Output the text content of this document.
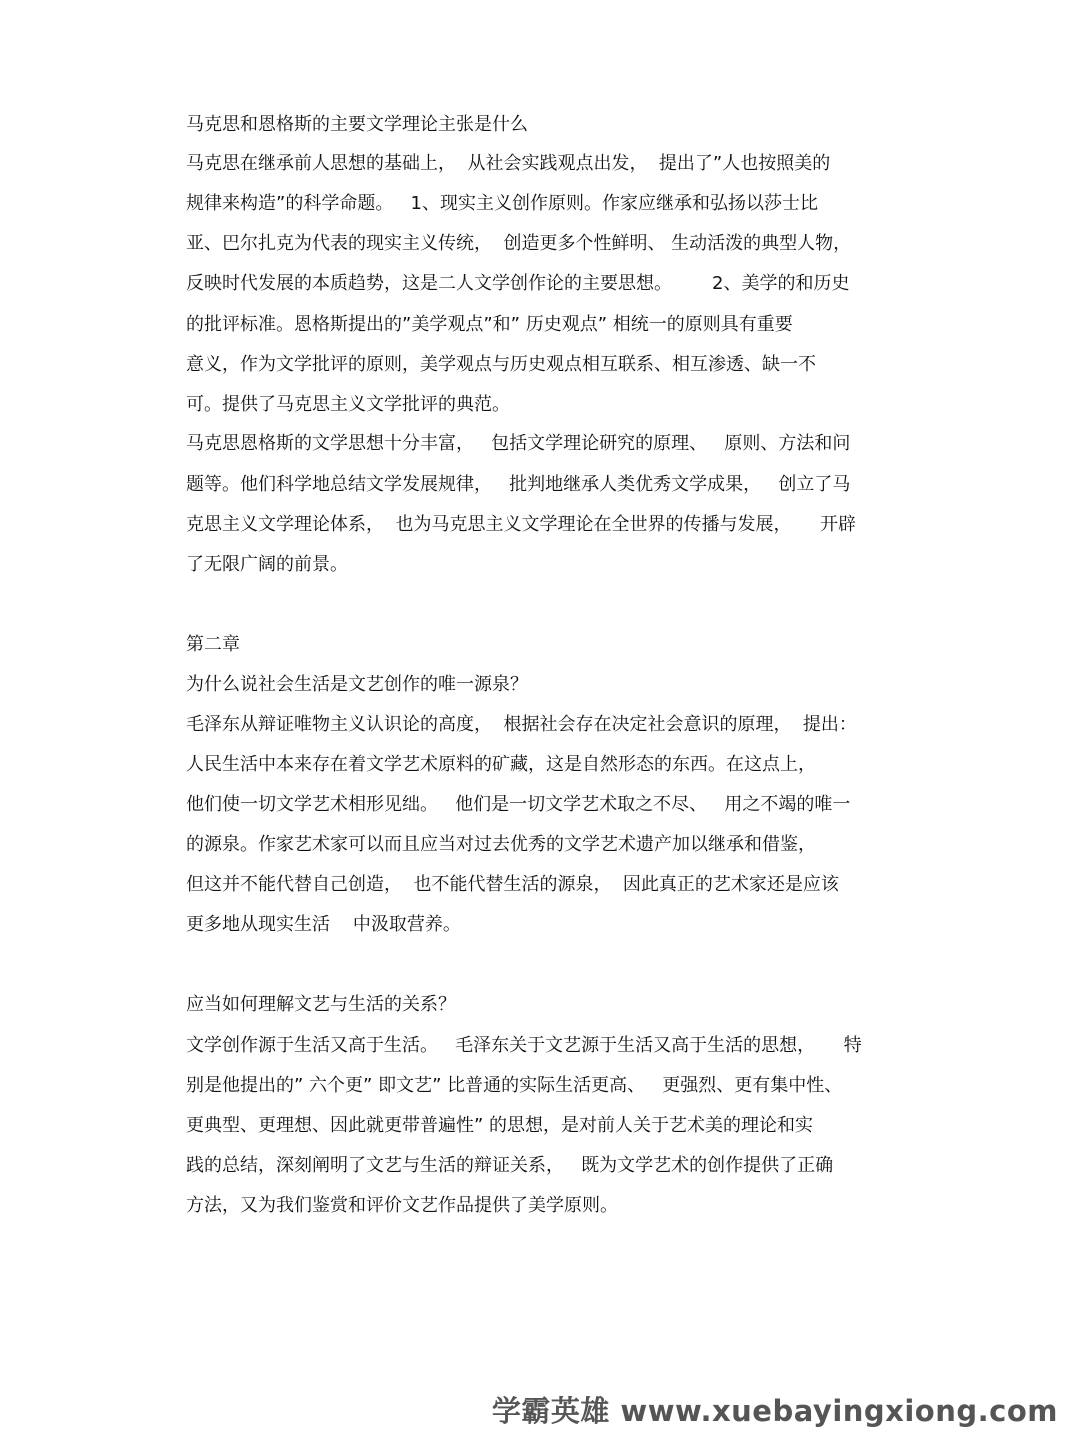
马克思和恩格斯的主要文学理论主张是什么
马克思在继承前人思想的基础上，  从社会实践观点出发，  提出了”人也按照美的
规律来构造”的科学命题。   1、现实主义创作原则。作家应继承和弘扬以莎士比
亚、巴尔扎克为代表的现实主义传统，  创造更多个性鲜明、 生动活泼的典型人物，
反映时代发展的本质趋势，这是二人文学创作论的主要思想。       2、美学的和历史
的批评标准。恩格斯提出的”美学观点”和” 历史观点” 相统一的原则具有重要
意义，作为文学批评的原则，美学观点与历史观点相互联系、相互渗透、缺一不
可。提供了马克思主义文学批评的典范。
马克思恩格斯的文学思想十分丰富，   包括文学理论研究的原理、   原则、方法和问
题等。他们科学地总结文学发展规律，   批判地继承人类优秀文学成果，   创立了马
克思主义文学理论体系，  也为马克思主义文学理论在全世界的传播与发展，     开辟
了无限广阔的前景。
第二章
为什么说社会生活是文艺创作的唯一源泉？
毛泽东从辩证唯物主义认识论的高度，  根据社会存在决定社会意识的原理，  提出：
人民生活中本来存在着文学艺术原料的矿藏，这是自然形态的东西。在这点上，
他们使一切文学艺术相形见绌。   他们是一切文学艺术取之不尽、   用之不竭的唯一
的源泉。作家艺术家可以而且应当对过去优秀的文学艺术遗产加以继承和借鉴，
但这并不能代替自己创造，  也不能代替生活的源泉，  因此真正的艺术家还是应该
更多地从现实生活    中汲取营养。
应当如何理解文艺与生活的关系？
文学创作源于生活又高于生活。   毛泽东关于文艺源于生活又高于生活的思想，     特
别是他提出的” 六个更” 即文艺” 比普通的实际生活更高、   更强烈、更有集中性、
更典型、更理想、因此就更带普遍性” 的思想，是对前人关于艺术美的理论和实
践的总结，深刻阐明了文艺与生活的辩证关系，   既为文学艺术的创作提供了正确
方法，又为我们鉴赏和评价文艺作品提供了美学原则。
学霸英雄 www.xuebayingxiong.com
